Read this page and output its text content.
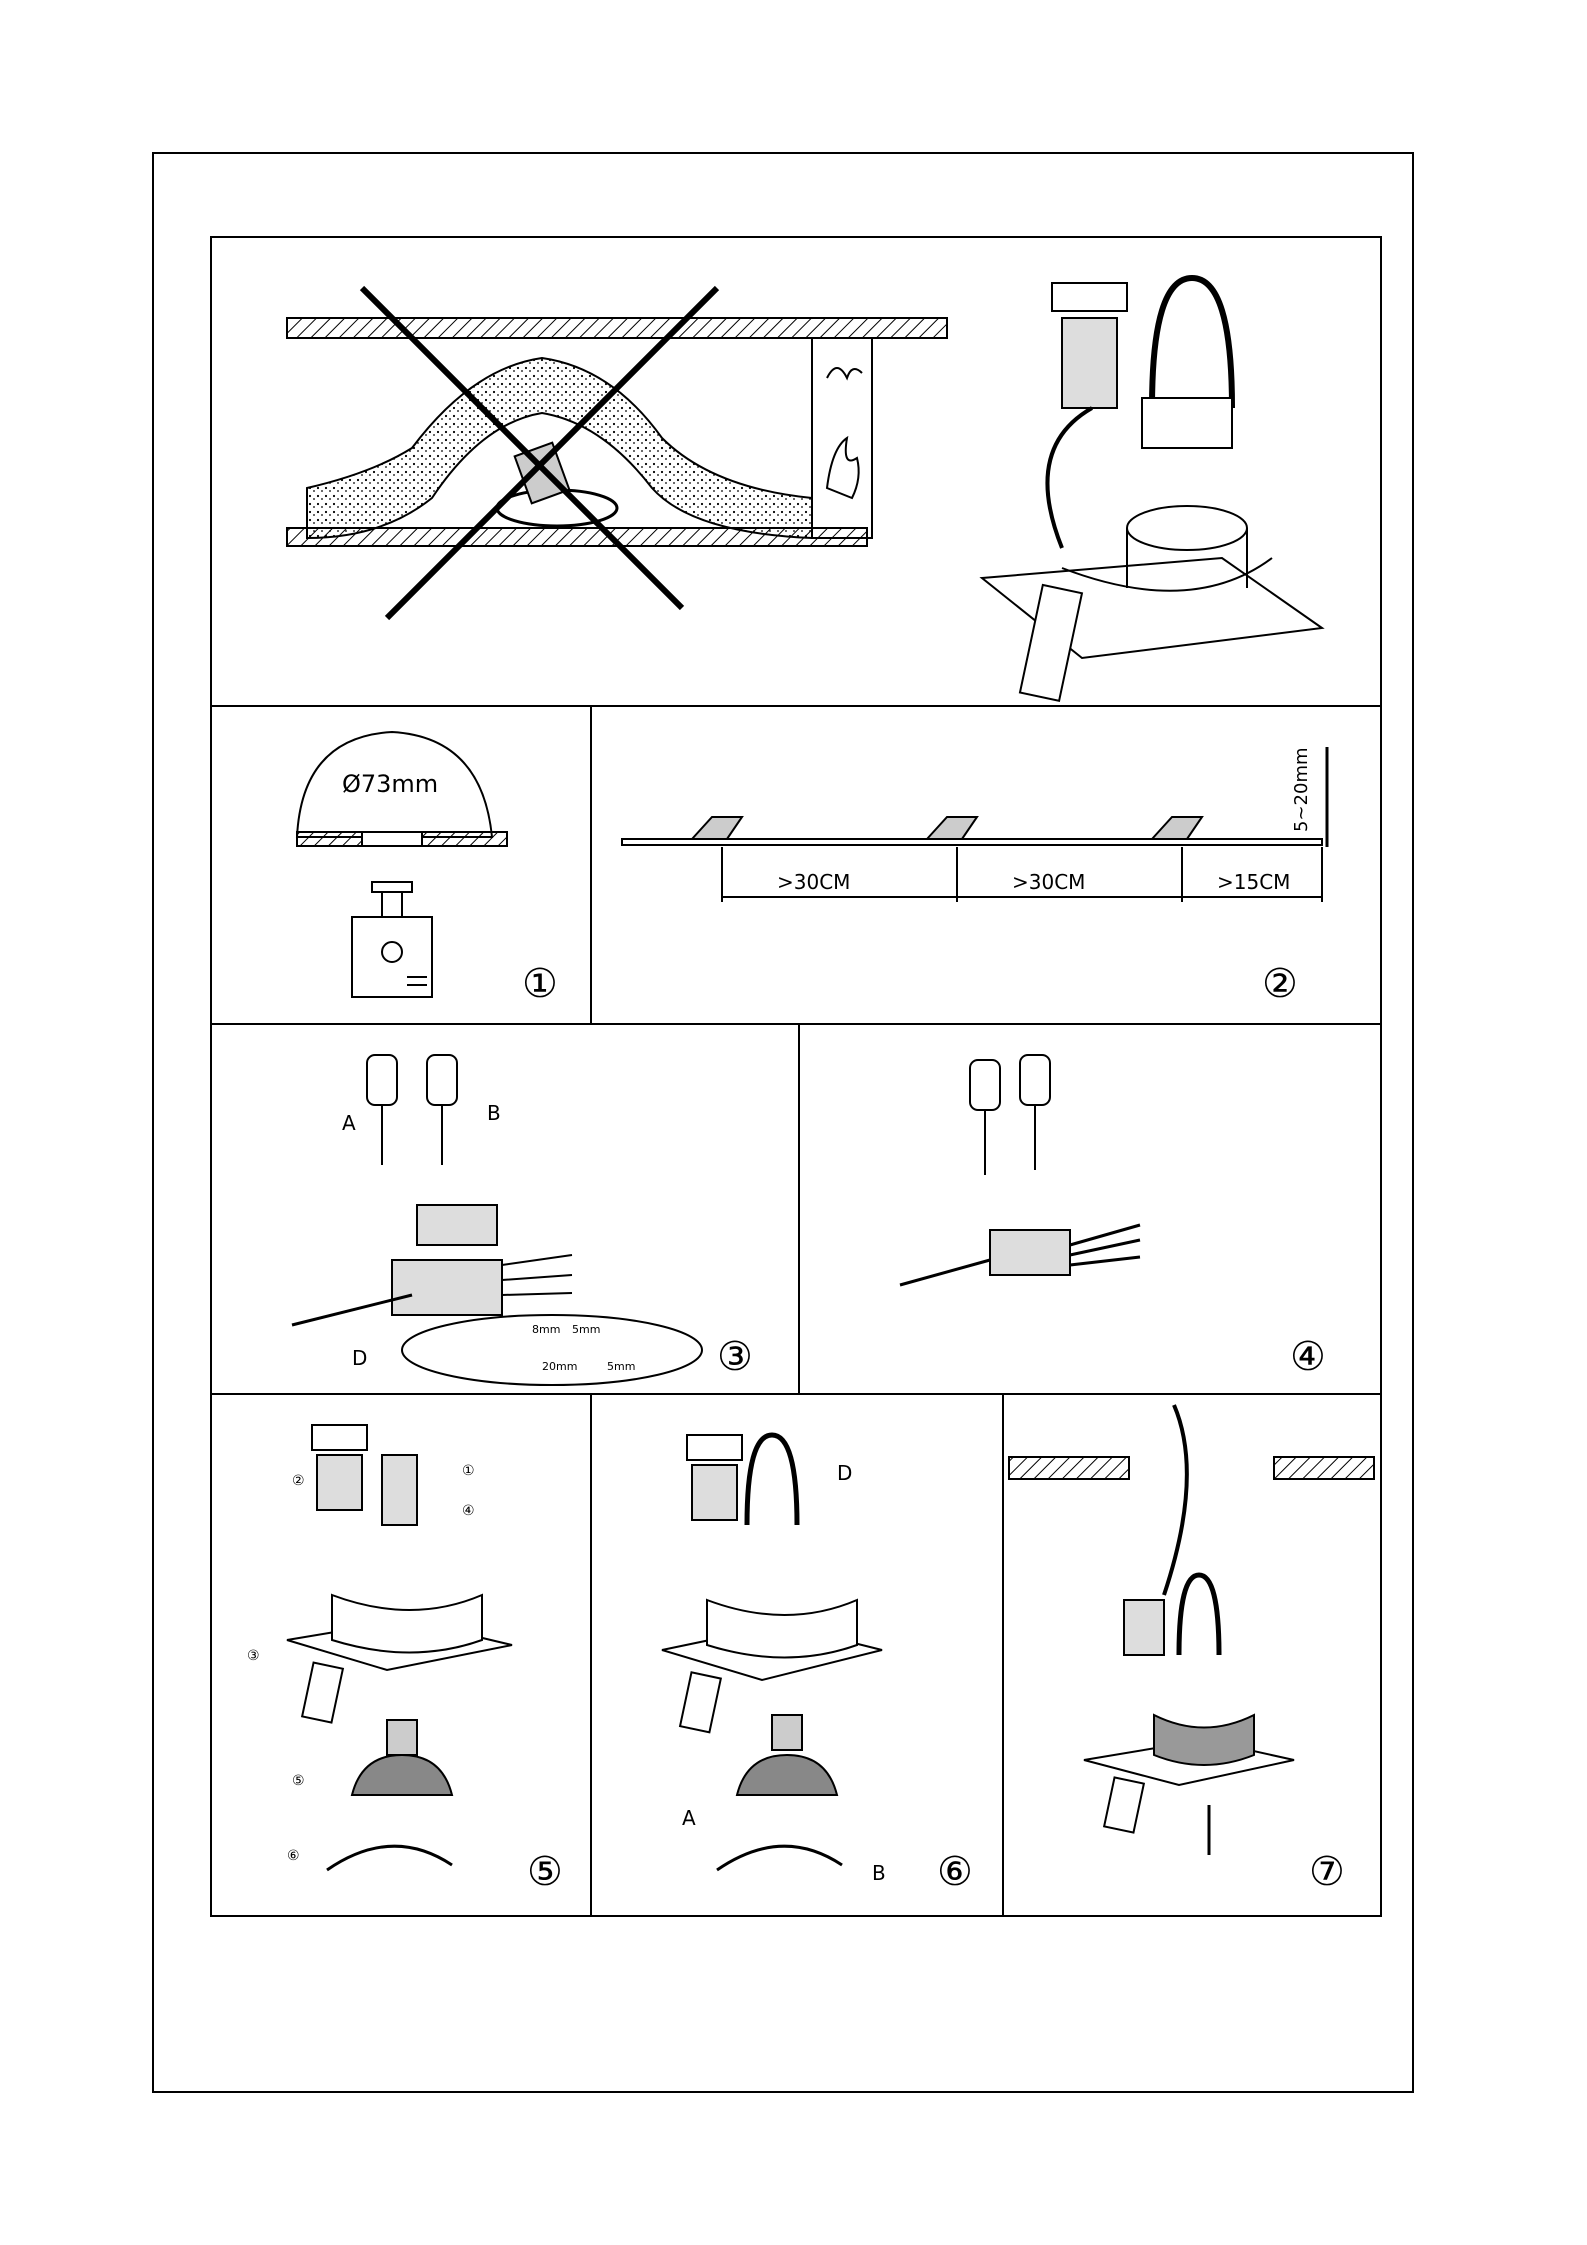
Ø73mm
①
>30CM	>30CM	>15CM
5~20mm
②
A	B
D
8mm 5mm
20mm	5mm ③	④
②
①
④
③
⑤
⑥	⑤
D
A
B ⑥	⑦
